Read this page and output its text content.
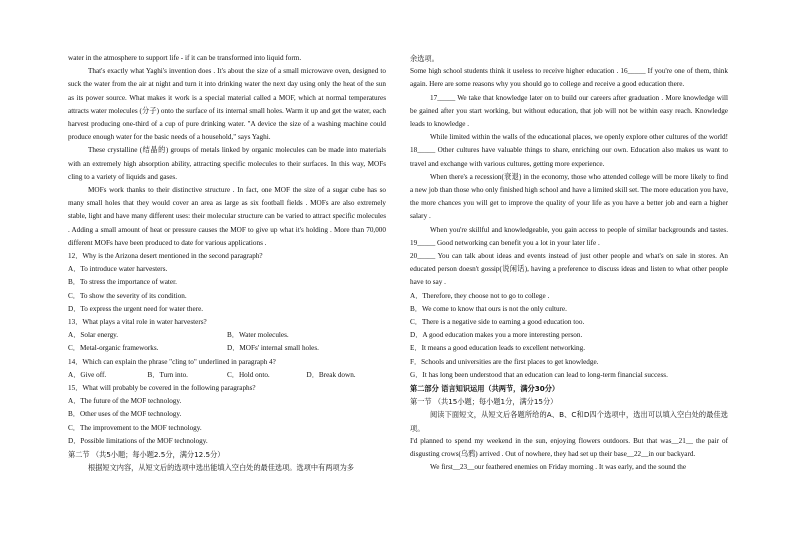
water in the atmosphere to support life - if it can be transformed into liquid form.

That's exactly what Yaghi's invention does . It's about the size of a small microwave oven, designed to suck the water from the air at night and turn it into drinking water the next day using only the heat of the sun as its power source. What makes it work is a special material called a MOF, which at normal temperatures attracts water molecules (分子) onto the surface of its internal small holes. Warm it up and get the water, each harvest producing one-third of a cup of pure drinking water. "A device the size of a washing machine could produce enough water for the basic needs of a household," says Yaghi.

These crystalline (结晶的) groups of metals linked by organic molecules can be made into materials with an extremely high absorption ability, attracting specific molecules to their surfaces. In this way, MOFs cling to a variety of liquids and gases.

MOFs work thanks to their distinctive structure . In fact, one MOF the size of a sugar cube has so many small holes that they would cover an area as large as six football fields . MOFs are also extremely stable, light and have many different uses: their molecular structure can be varied to attract specific molecules . Adding a small amount of heat or pressure causes the MOF to give up what it's holding . More than 70,000 different MOFs have been produced to date for various applications .

12．Why is the Arizona desert mentioned in the second paragraph?

A．To introduce water harvesters.

B．To stress the importance of water.

C．To show the severity of its condition.

D．To express the urgent need for water there.

13．What plays a vital role in water harvesters?

A．Solar energy.	B．Water molecules.
C．Metal-organic frameworks.	D．MOFs' internal small holes.

14．Which can explain the phrase "cling to" underlined in paragraph 4?

A．Give off.	B．Turn into.	C．Hold onto.	D．Break down.

15．What will probably be covered in the following paragraphs?

A．The future of the MOF technology.

B．Other uses of the MOF technology.

C．The improvement to the MOF technology.

D．Possible limitations of the MOF technology.

第二节 （共5小题；每小题2.5分，满分12.5分）

根据短文内容，从短文后的选项中选出能填入空白处的最佳选项。选项中有两项为多

余选项。

Some high school students think it useless to receive higher education . 16_____ If you're one of them, think again. Here are some reasons why you should go to college and receive a good education there.

17_____ We take that knowledge later on to build our careers after graduation . More knowledge will be gained after you start working, but without education, that job will not be within easy reach. Knowledge leads to knowledge .

While limited within the walls of the educational places, we openly explore other cultures of the world! 18_____ Other cultures have valuable things to share, enriching our own. Education also makes us want to travel and exchange with various cultures, getting more experience.

When there's a recession(衰退) in the economy, those who attended college will be more likely to find a new job than those who only finished high school and have a limited skill set. The more education you have, the more chances you will get to improve the quality of your life as you have a better job and earn a higher salary .

When you're skillful and knowledgeable, you gain access to people of similar backgrounds and tastes. 19_____ Good networking can benefit you a lot in your later life .

20_____ You can talk about ideas and events instead of just other people and what's on sale in stores. An educated person doesn't gossip(说闲话), having a preference to discuss ideas and listen to what other people have to say .

A．Therefore, they choose not to go to college .

B．We come to know that ours is not the only culture.

C．There is a negative side to earning a good education too.

D．A good education makes you a more interesting person.

E．It means a good education leads to excellent networking.

F．Schools and universities are the first places to get knowledge.

G．It has long been understood that an education can lead to long-term financial success.

第二部分 语言知识运用（共两节，满分30分）

第一节 （共15小题；每小题1分，满分15分）

阅读下面短文，从短文后各题所给的A、B、C和D四个选项中，选出可以填入空白处的最佳选项。

I'd planned to spend my weekend in the sun, enjoying flowers outdoors. But that was__21__ the pair of disgusting crows(乌鸦) arrived . Out of nowhere, they had set up their base__22__in our backyard.

We first__23__our feathered enemies on Friday morning . It was early, and the sound the
